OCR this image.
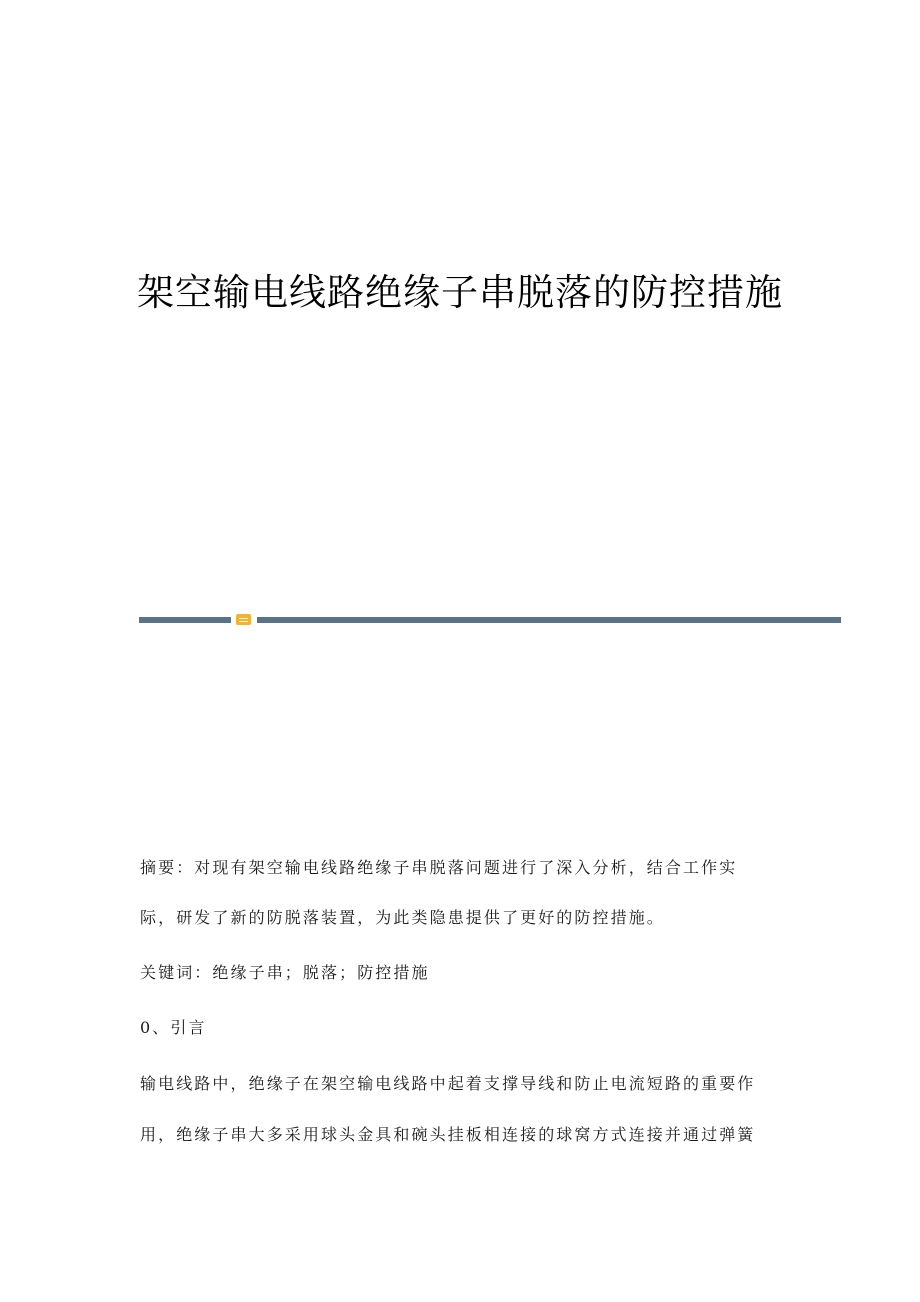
架空输电线路绝缘子串脱落的防控措施

摘要：对现有架空输电线路绝缘子串脱落问题进行了深入分析，结合工作实

际，研发了新的防脱落装置，为此类隐患提供了更好的防控措施。

关键词：绝缘子串；脱落；防控措施

0、引言

输电线路中，绝缘子在架空输电线路中起着支撑导线和防止电流短路的重要作

用，绝缘子串大多采用球头金具和碗头挂板相连接的球窝方式连接并通过弹簧
